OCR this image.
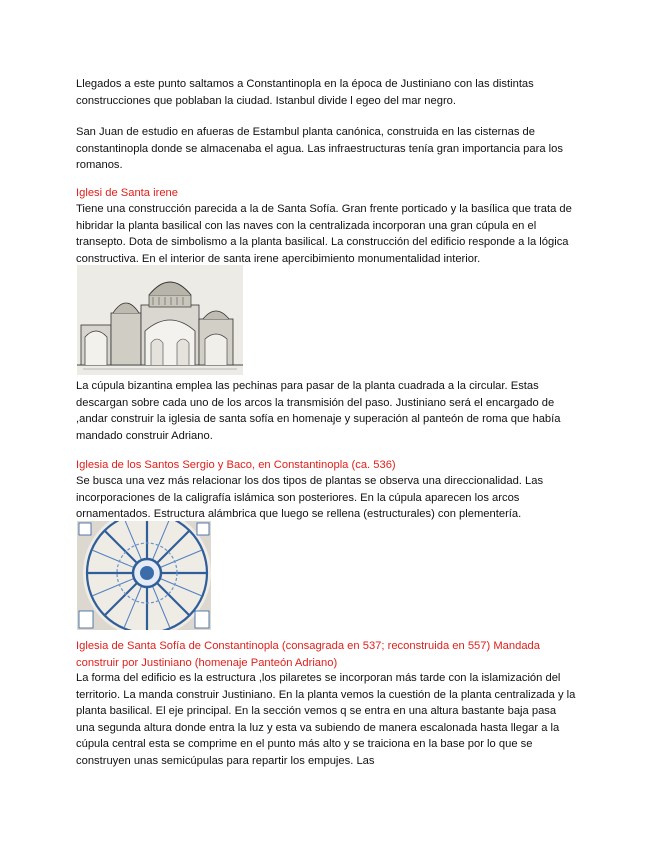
Llegados a este punto saltamos a Constantinopla en la época de Justiniano con las distintas construcciones que poblaban la ciudad. Istanbul divide l egeo del mar negro.

San Juan de estudio en afueras de Estambul planta canónica, construida en las cisternas de constantinopla donde se almacenaba el agua. Las infraestructuras tenía gran importancia para los romanos.

Iglesi de Santa irene

Tiene una construcción parecida a la de Santa Sofía. Gran frente porticado y la basílica que trata de hibridar la planta basilical con las naves con la centralizada incorporan una gran cúpula en el transepto. Dota de simbolismo a la planta basilical. La construcción del edificio responde a la lógica constructiva. En el interior de santa irene apercibimiento monumentalidad interior.

La cúpula bizantina emplea las pechinas para pasar de la planta cuadrada a la circular. Estas descargan sobre cada uno de los arcos la transmisión del paso. Justiniano será el encargado de ,andar construir la iglesia de santa sofía en homenaje y superación al panteón de roma que había mandado construir Adriano.

Iglesia de los Santos Sergio y Baco, en Constantinopla (ca. 536)

Se busca una vez más relacionar los dos tipos de plantas se observa una direccionalidad. Las incorporaciones de la caligrafía islámica son posteriores. En la cúpula aparecen los arcos ornamentados. Estructura alámbrica que luego se rellena (estructurales) con plementería.

Iglesia de Santa Sofía de Constantinopla (consagrada en 537; reconstruida en 557) Mandada construir por Justiniano (homenaje Panteón Adriano)

La forma del edificio es la estructura ,los pilaretes se incorporan más tarde con la islamización del territorio. La manda construir Justiniano. En la planta vemos la cuestión de la planta centralizada y la planta basilical. El eje principal. En la sección vemos q se entra en una altura bastante baja pasa una segunda altura donde entra la luz y esta va subiendo de manera escalonada hasta llegar a la cúpula central esta se comprime en el punto más alto y se traiciona en la base por lo que se construyen unas semicúpulas para repartir los empujes. Las
